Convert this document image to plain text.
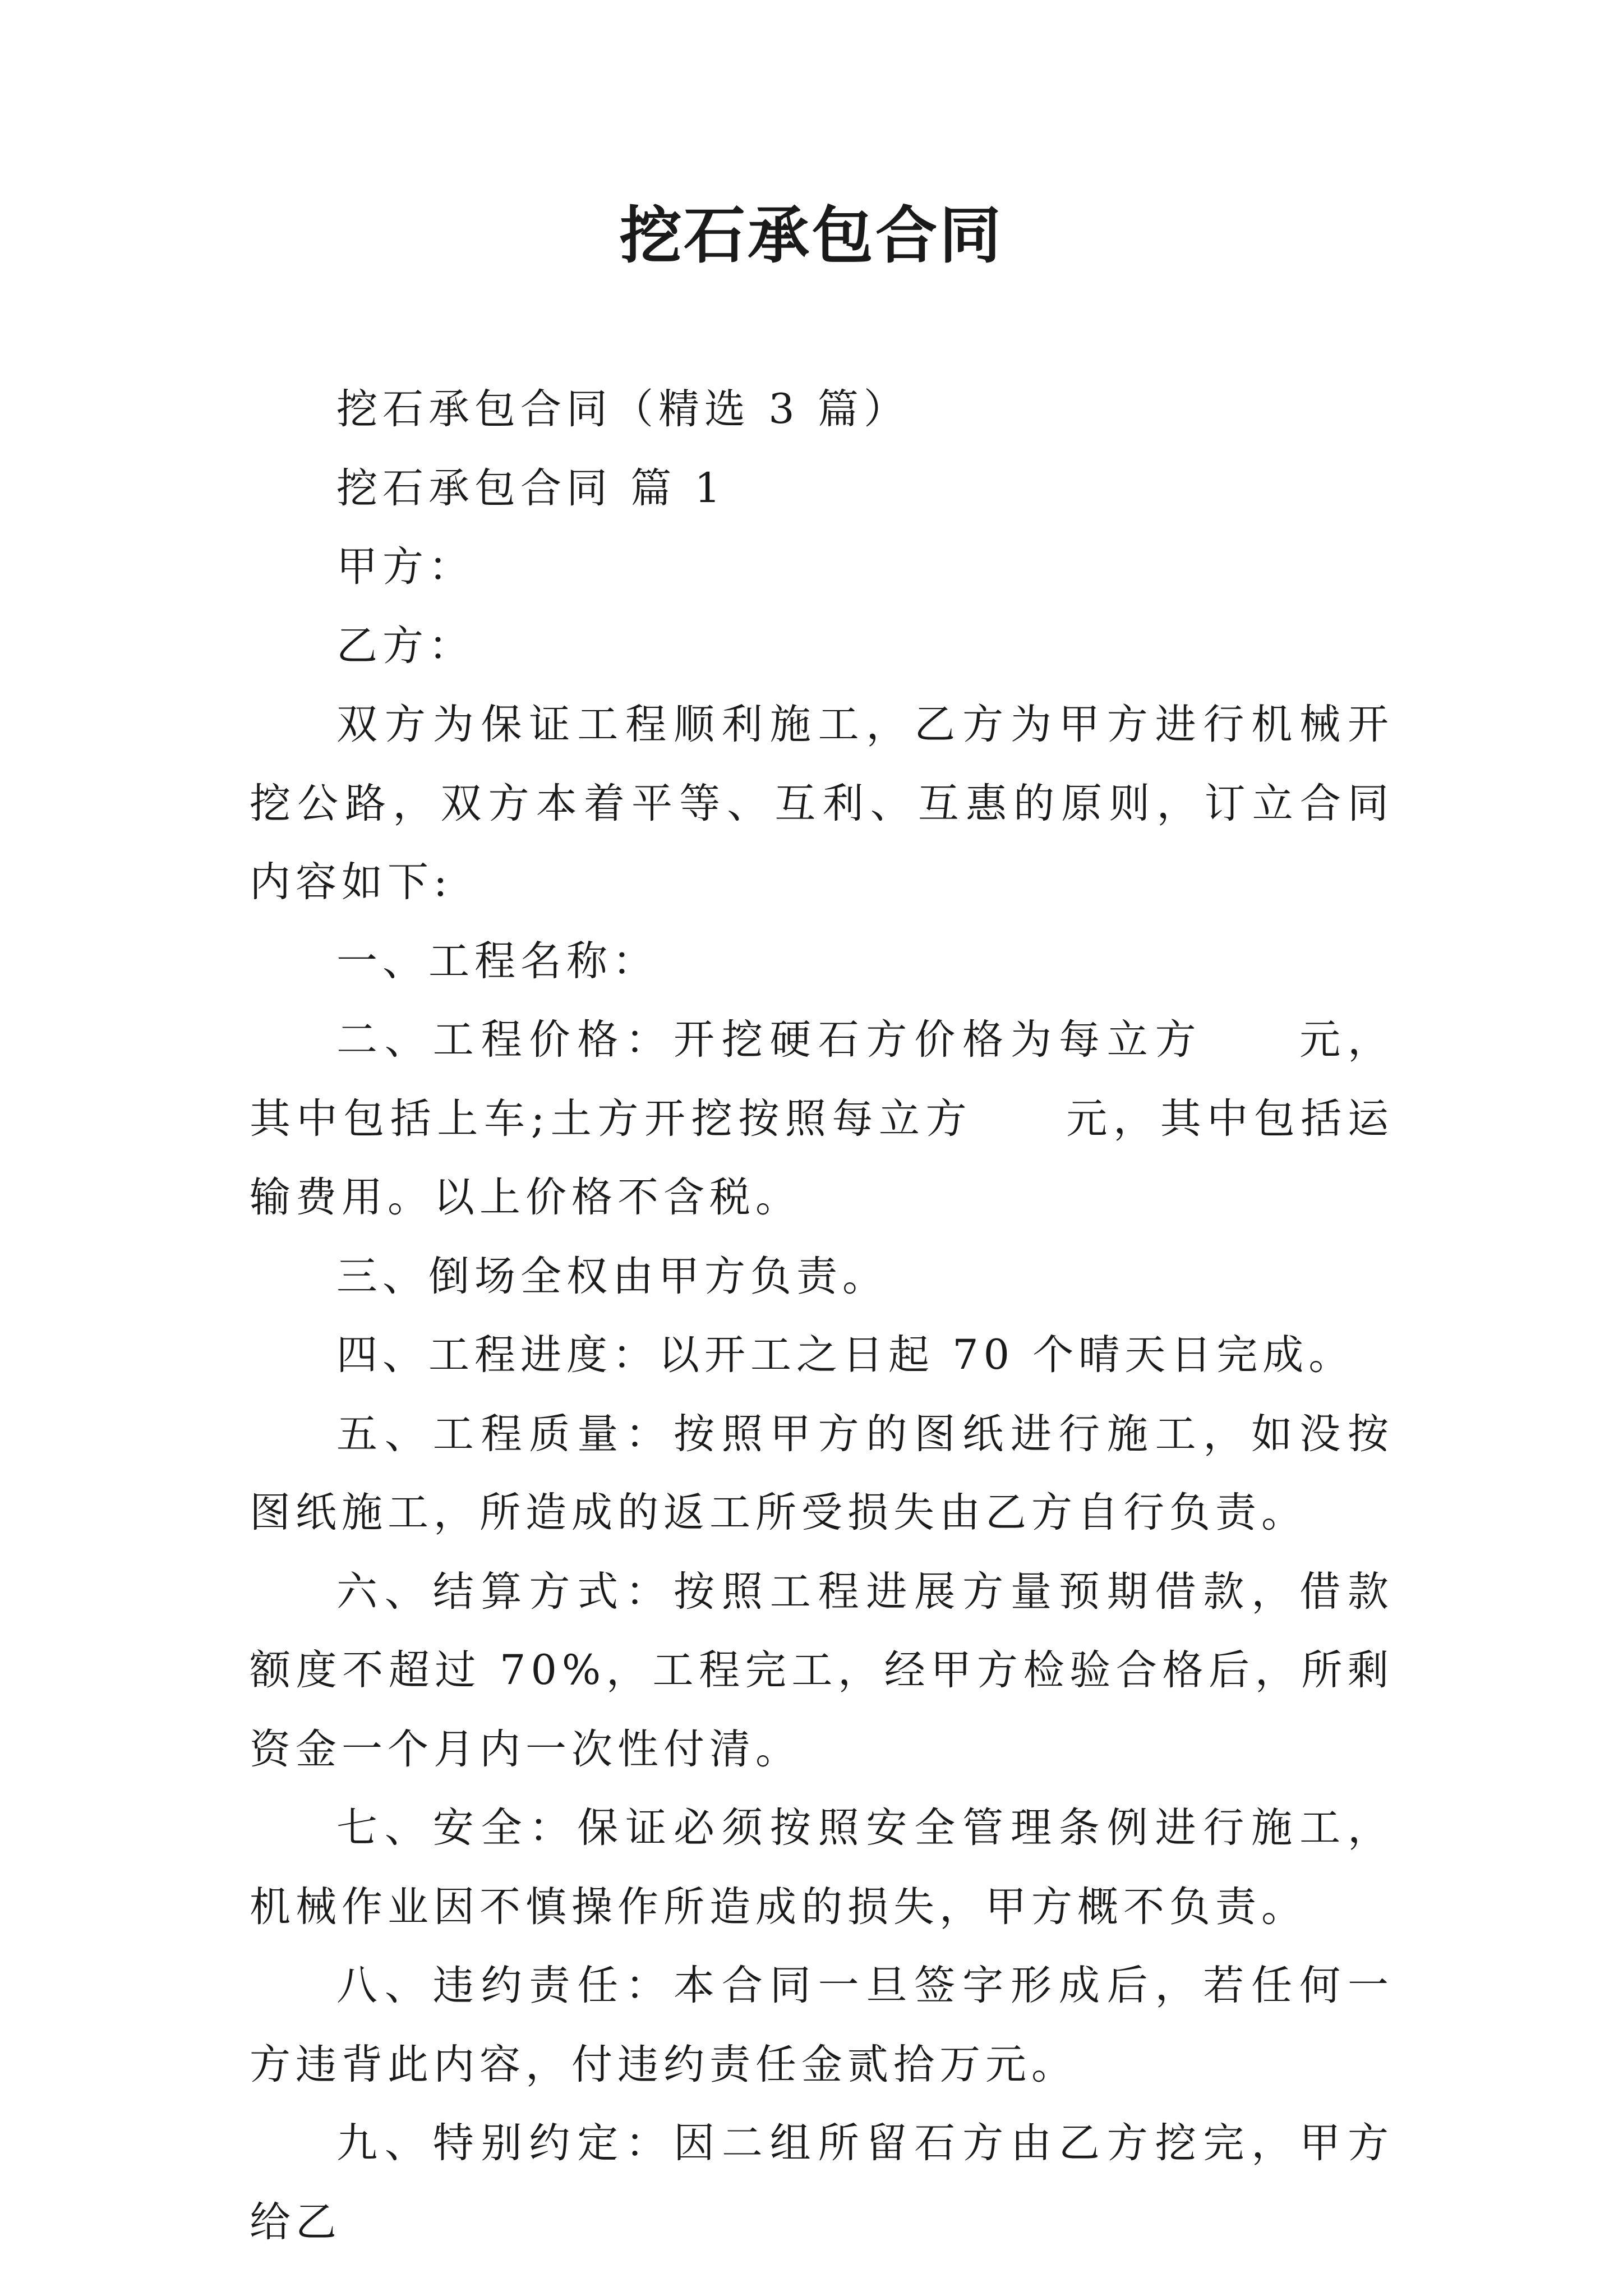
挖石承包合同

挖石承包合同（精选 3 篇）

挖石承包合同 篇 1

甲方：

乙方：

双方为保证工程顺利施工，乙方为甲方进行机械开挖公路，双方本着平等、互利、互惠的原则，订立合同内容如下:

一、工程名称：

二、工程价格：开挖硬石方价格为每立方　　元，其中包括上车;土方开挖按照每立方　　元，其中包括运输费用。以上价格不含税。

三、倒场全权由甲方负责。

四、工程进度：以开工之日起 70 个晴天日完成。

五、工程质量：按照甲方的图纸进行施工，如没按图纸施工，所造成的返工所受损失由乙方自行负责。

六、结算方式：按照工程进展方量预期借款，借款额度不超过 70%，工程完工，经甲方检验合格后，所剩资金一个月内一次性付清。

七、安全：保证必须按照安全管理条例进行施工，机械作业因不慎操作所造成的损失，甲方概不负责。

八、违约责任：本合同一旦签字形成后，若任何一方违背此内容，付违约责任金贰拾万元。

九、特别约定：因二组所留石方由乙方挖完，甲方给乙
